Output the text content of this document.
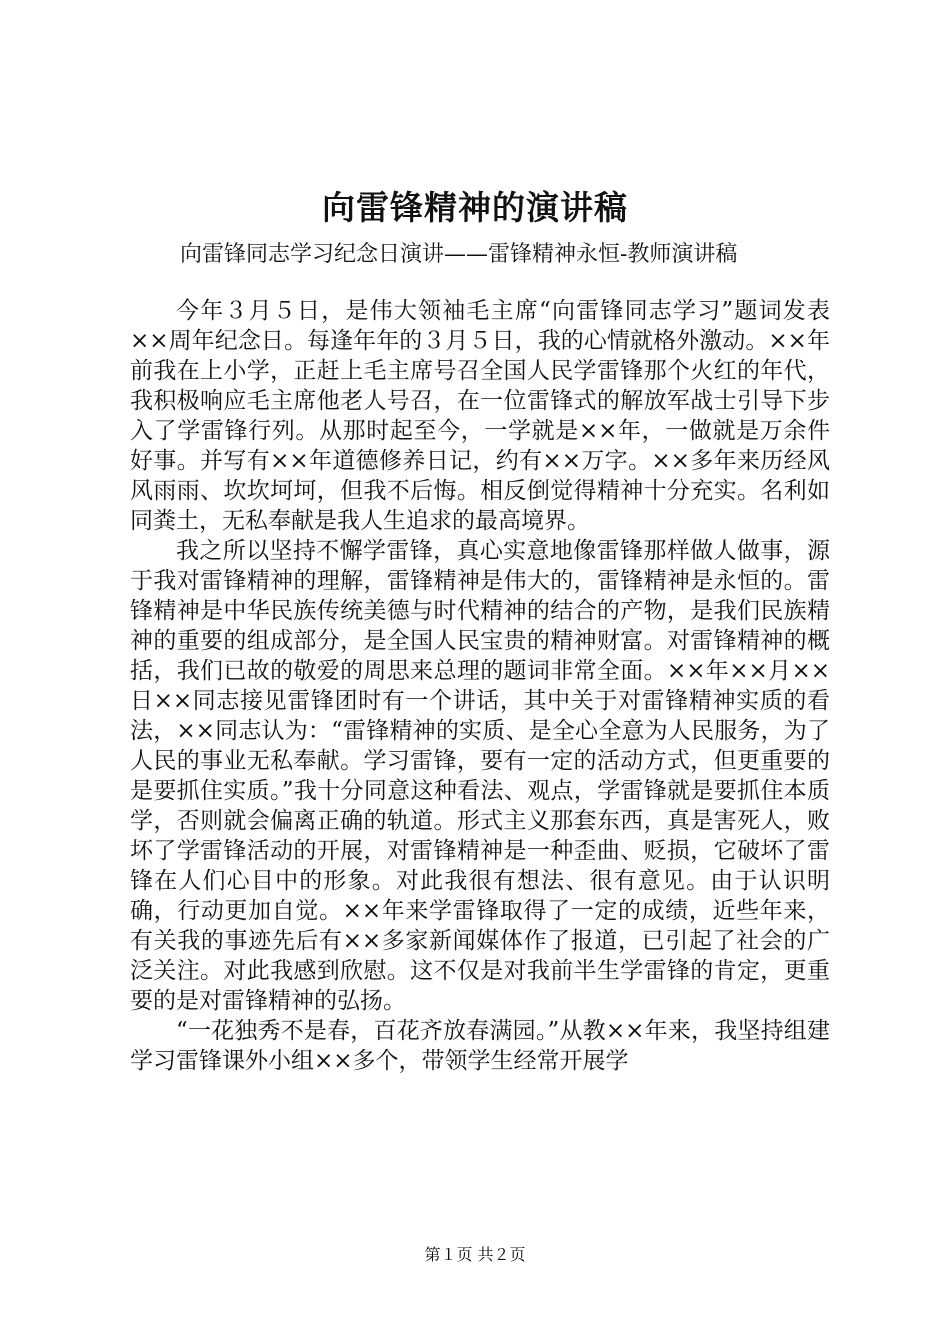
向雷锋精神的演讲稿
向雷锋同志学习纪念日演讲——雷锋精神永恒-教师演讲稿

今年３月５日，是伟大领袖毛主席“向雷锋同志学习”题词发表××周年纪念日。每逢年年的３月５日，我的心情就格外激动。××年前我在上小学，正赶上毛主席号召全国人民学雷锋那个火红的年代，我积极响应毛主席他老人号召，在一位雷锋式的解放军战士引导下步入了学雷锋行列。从那时起至今，一学就是××年，一做就是万余件好事。并写有××年道德修养日记，约有××万字。××多年来历经风风雨雨、坎坎坷坷，但我不后悔。相反倒觉得精神十分充实。名利如同粪土，无私奉献是我人生追求的最高境界。

我之所以坚持不懈学雷锋，真心实意地像雷锋那样做人做事，源于我对雷锋精神的理解，雷锋精神是伟大的，雷锋精神是永恒的。雷锋精神是中华民族传统美德与时代精神的结合的产物，是我们民族精神的重要的组成部分，是全国人民宝贵的精神财富。对雷锋精神的概括，我们已故的敬爱的周思来总理的题词非常全面。××年××月××日××同志接见雷锋团时有一个讲话，其中关于对雷锋精神实质的看法，××同志认为：“雷锋精神的实质、是全心全意为人民服务，为了人民的事业无私奉献。学习雷锋，要有一定的活动方式，但更重要的是要抓住实质。”我十分同意这种看法、观点，学雷锋就是要抓住本质学，否则就会偏离正确的轨道。形式主义那套东西，真是害死人，败坏了学雷锋活动的开展，对雷锋精神是一种歪曲、贬损，它破坏了雷锋在人们心目中的形象。对此我很有想法、很有意见。由于认识明确，行动更加自觉。××年来学雷锋取得了一定的成绩，近些年来，有关我的事迹先后有××多家新闻媒体作了报道，已引起了社会的广泛关注。对此我感到欣慰。这不仅是对我前半生学雷锋的肯定，更重要的是对雷锋精神的弘扬。

“一花独秀不是春，百花齐放春满园。”从教××年来，我坚持组建学习雷锋课外小组××多个，带领学生经常开展学

第１页 共２页
